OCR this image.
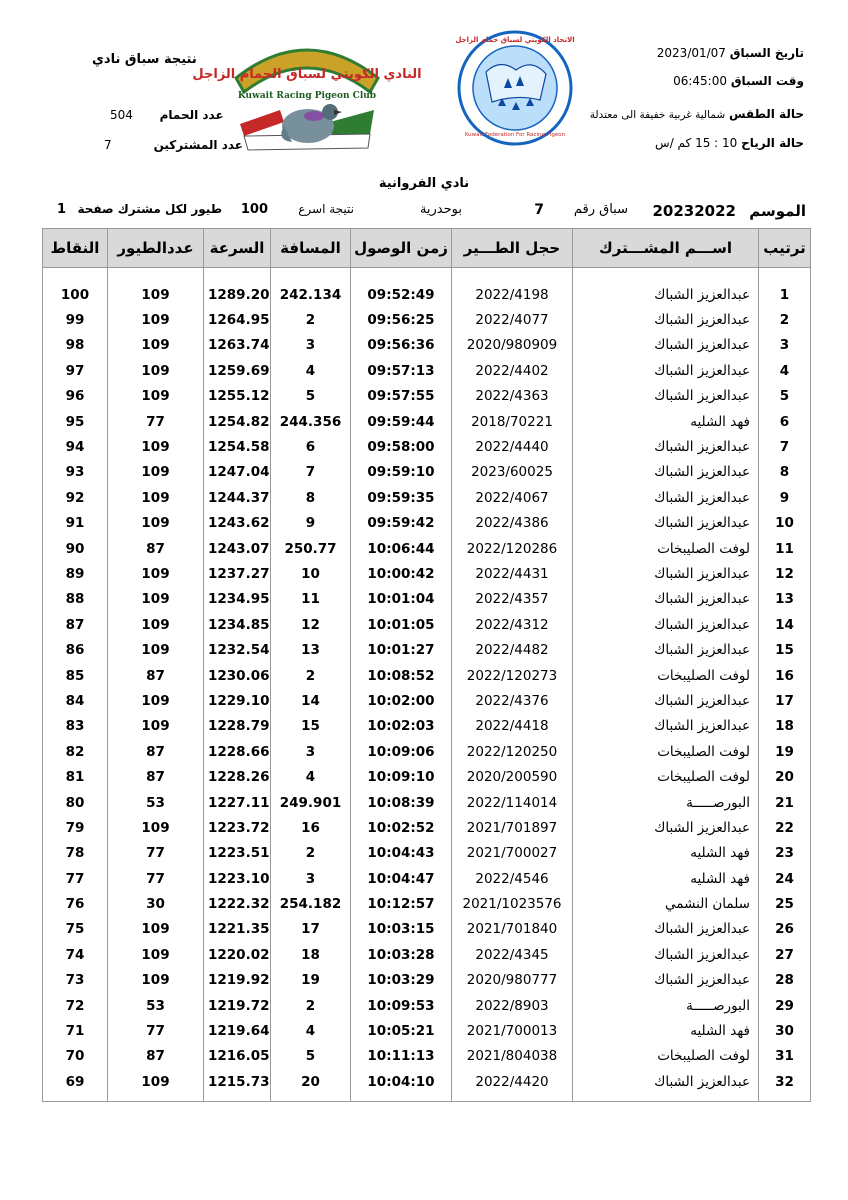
تاريخ السباق 2023/01/07
وقت السباق 06:45:00
حالة الطقس شمالية غربية خفيفة الى معتدلة
حالة الرياح 10 : 15 كم /س
نتيجة سباق نادي
عدد الحمام       504
عدد المشتركين           7
النادي الكويتي لسباق الحمام الزاجل
Kuwait Racing Pigeon Club
الاتحاد الكويتي لسباق حمام الزاجل
Kuwait Federation For Racing Pigeon
نادي الفروانية
الموسم
20232022
سباق رقم
7
بوحدرية
نتيجة اسرع
100
طيور لكل مشترك صفحة
1
ترتيب	اســـم المشـــترك	حجل الطـــير	زمن الوصول	المسافة	السرعة	عددالطيور	النقاط
1	عبدالعزيز الشباك	2022/4198	09:52:49	242.134	1289.20	109	100
2	عبدالعزيز الشباك	2022/4077	09:56:25	2	1264.95	109	99
3	عبدالعزيز الشباك	2020/980909	09:56:36	3	1263.74	109	98
4	عبدالعزيز الشباك	2022/4402	09:57:13	4	1259.69	109	97
5	عبدالعزيز الشباك	2022/4363	09:57:55	5	1255.12	109	96
6	فهد الشليه	2018/70221	09:59:44	244.356	1254.82	77	95
7	عبدالعزيز الشباك	2022/4440	09:58:00	6	1254.58	109	94
8	عبدالعزيز الشباك	2023/60025	09:59:10	7	1247.04	109	93
9	عبدالعزيز الشباك	2022/4067	09:59:35	8	1244.37	109	92
10	عبدالعزيز الشباك	2022/4386	09:59:42	9	1243.62	109	91
11	لوفت الصليبخات	2022/120286	10:06:44	250.77	1243.07	87	90
12	عبدالعزيز الشباك	2022/4431	10:00:42	10	1237.27	109	89
13	عبدالعزيز الشباك	2022/4357	10:01:04	11	1234.95	109	88
14	عبدالعزيز الشباك	2022/4312	10:01:05	12	1234.85	109	87
15	عبدالعزيز الشباك	2022/4482	10:01:27	13	1232.54	109	86
16	لوفت الصليبخات	2022/120273	10:08:52	2	1230.06	87	85
17	عبدالعزيز الشباك	2022/4376	10:02:00	14	1229.10	109	84
18	عبدالعزيز الشباك	2022/4418	10:02:03	15	1228.79	109	83
19	لوفت الصليبخات	2022/120250	10:09:06	3	1228.66	87	82
20	لوفت الصليبخات	2020/200590	10:09:10	4	1228.26	87	81
21	البورصـــــة	2022/114014	10:08:39	249.901	1227.11	53	80
22	عبدالعزيز الشباك	2021/701897	10:02:52	16	1223.72	109	79
23	فهد الشليه	2021/700027	10:04:43	2	1223.51	77	78
24	فهد الشليه	2022/4546	10:04:47	3	1223.10	77	77
25	سلمان النشمي	2021/1023576	10:12:57	254.182	1222.32	30	76
26	عبدالعزيز الشباك	2021/701840	10:03:15	17	1221.35	109	75
27	عبدالعزيز الشباك	2022/4345	10:03:28	18	1220.02	109	74
28	عبدالعزيز الشباك	2020/980777	10:03:29	19	1219.92	109	73
29	البورصـــــة	2022/8903	10:09:53	2	1219.72	53	72
30	فهد الشليه	2021/700013	10:05:21	4	1219.64	77	71
31	لوفت الصليبخات	2021/804038	10:11:13	5	1216.05	87	70
32	عبدالعزيز الشباك	2022/4420	10:04:10	20	1215.73	109	69
